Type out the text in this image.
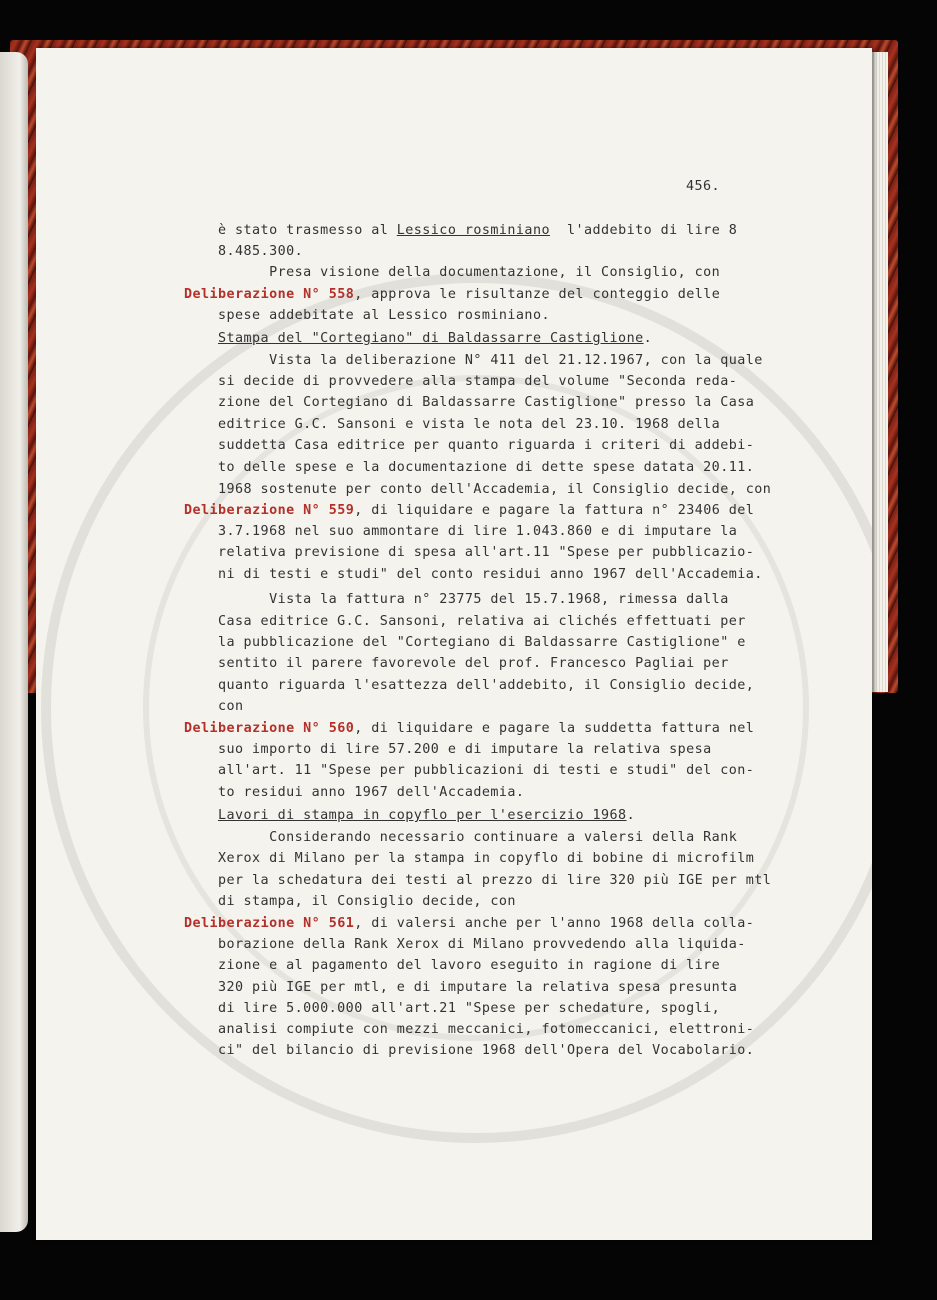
456.
è stato trasmesso al Lessico rosminiano  l'addebito di lire 8
8.485.300.
Presa visione della documentazione, il Consiglio, con
Deliberazione N° 558, approva le risultanze del conteggio delle
spese addebitate al Lessico rosminiano.
Stampa del "Cortegiano" di Baldassarre Castiglione.
Vista la deliberazione N° 411 del 21.12.1967, con la quale
si decide di provvedere alla stampa del volume "Seconda reda-
zione del Cortegiano di Baldassarre Castiglione" presso la Casa
editrice G.C. Sansoni e vista le nota del 23.10. 1968 della
suddetta Casa editrice per quanto riguarda i criteri di addebi-
to delle spese e la documentazione di dette spese datata 20.11.
1968 sostenute per conto dell'Accademia, il Consiglio decide, con
Deliberazione N° 559, di liquidare e pagare la fattura n° 23406 del
3.7.1968 nel suo ammontare di lire 1.043.860 e di imputare la
relativa previsione di spesa all'art.11 "Spese per pubblicazio-
ni di testi e studi" del conto residui anno 1967 dell'Accademia.
Vista la fattura n° 23775 del 15.7.1968, rimessa dalla
Casa editrice G.C. Sansoni, relativa ai clichés effettuati per
la pubblicazione del "Cortegiano di Baldassarre Castiglione" e
sentito il parere favorevole del prof. Francesco Pagliai per
quanto riguarda l'esattezza dell'addebito, il Consiglio decide,
con
Deliberazione N° 560, di liquidare e pagare la suddetta fattura nel
suo importo di lire 57.200 e di imputare la relativa spesa
all'art. 11 "Spese per pubblicazioni di testi e studi" del con-
to residui anno 1967 dell'Accademia.
Lavori di stampa in copyflo per l'esercizio 1968.
Considerando necessario continuare a valersi della Rank
Xerox di Milano per la stampa in copyflo di bobine di microfilm
per la schedatura dei testi al prezzo di lire 320 più IGE per mtl
di stampa, il Consiglio decide, con
Deliberazione N° 561, di valersi anche per l'anno 1968 della colla-
borazione della Rank Xerox di Milano provvedendo alla liquida-
zione e al pagamento del lavoro eseguito in ragione di lire
320 più IGE per mtl, e di imputare la relativa spesa presunta
di lire 5.000.000 all'art.21 "Spese per schedature, spogli,
analisi compiute con mezzi meccanici, fotomeccanici, elettroni-
ci" del bilancio di previsione 1968 dell'Opera del Vocabolario.
